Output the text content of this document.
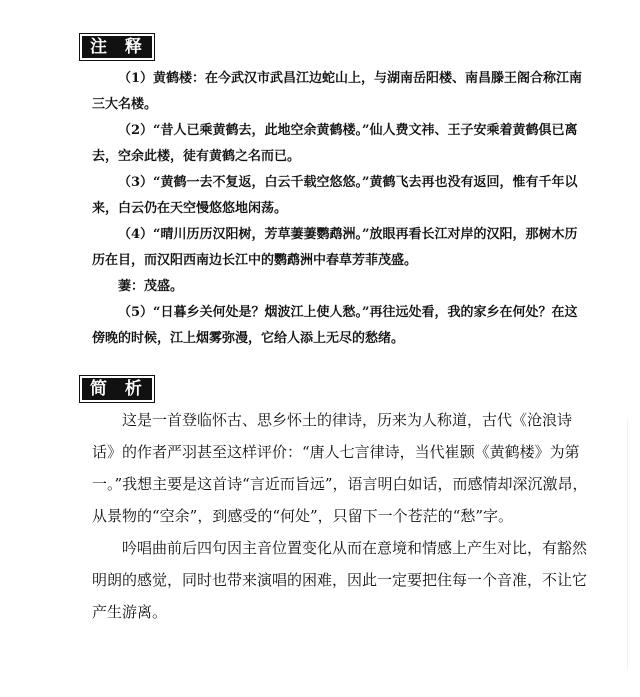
注 释

（1）黄鹤楼：在今武汉市武昌江边蛇山上，与湖南岳阳楼、南昌滕王阁合称江南三大名楼。

（2）“昔人已乘黄鹤去，此地空余黄鹤楼。”仙人费文祎、王子安乘着黄鹤俱已离去，空余此楼，徒有黄鹤之名而已。

（3）“黄鹤一去不复返，白云千载空悠悠。”黄鹤飞去再也没有返回，惟有千年以来，白云仍在天空慢悠悠地闲荡。

（4）“晴川历历汉阳树，芳草萋萋鹦鹉洲。”放眼再看长江对岸的汉阳，那树木历历在目，而汉阳西南边长江中的鹦鹉洲中春草芳菲茂盛。

萋：茂盛。

（5）“日暮乡关何处是？烟波江上使人愁。”再往远处看，我的家乡在何处？在这傍晚的时候，江上烟雾弥漫，它给人添上无尽的愁绪。

简 析

这是一首登临怀古、思乡怀土的律诗，历来为人称道，古代《沧浪诗话》的作者严羽甚至这样评价：“唐人七言律诗，当代崔颢《黄鹤楼》为第一。”我想主要是这首诗“言近而旨远”，语言明白如话，而感情却深沉激昂，从景物的“空余”，到感受的“何处”，只留下一个苍茫的“愁”字。

吟唱曲前后四句因主音位置变化从而在意境和情感上产生对比，有豁然明朗的感觉，同时也带来演唱的困难，因此一定要把住每一个音准，不让它产生游离。
